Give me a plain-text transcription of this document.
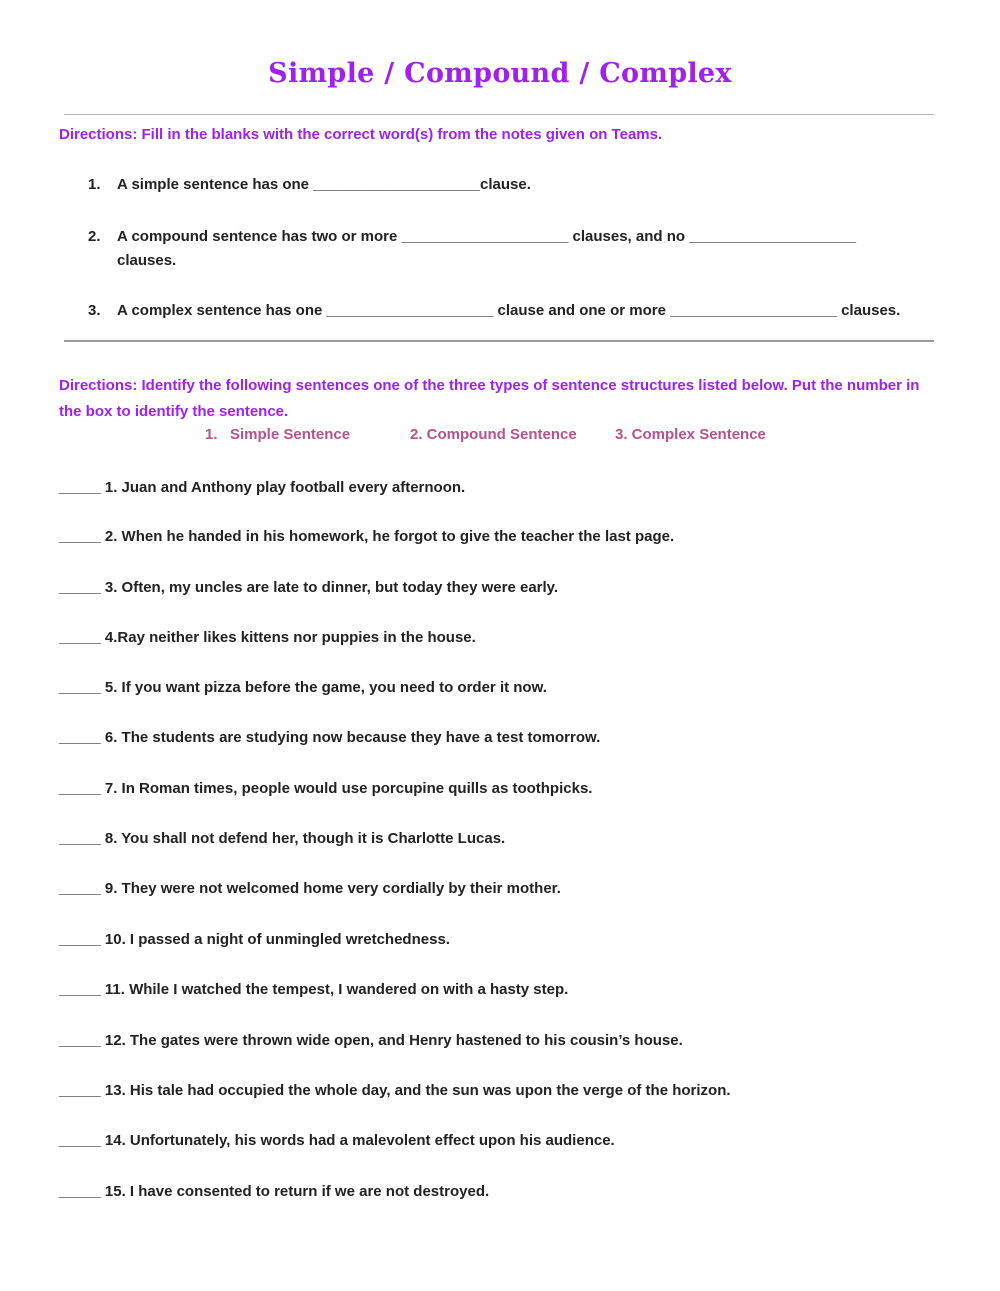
Simple / Compound / Complex
Directions: Fill in the blanks with the correct word(s) from the notes given on Teams.
1.	A simple sentence has one ____________________clause.
2.	A compound sentence has two or more ____________________ clauses, and no ____________________ clauses.
3.	A complex sentence has one ____________________ clause and one or more ____________________ clauses.
Directions: Identify the following sentences one of the three types of sentence structures listed below. Put the number in the box to identify the sentence.
1.   Simple Sentence	2. Compound Sentence	3. Complex Sentence
_____ 1. Juan and Anthony play football every afternoon.
_____ 2. When he handed in his homework, he forgot to give the teacher the last page.
_____ 3. Often, my uncles are late to dinner, but today they were early.
_____ 4.Ray neither likes kittens nor puppies in the house.
_____ 5. If you want pizza before the game, you need to order it now.
_____ 6. The students are studying now because they have a test tomorrow.
_____ 7. In Roman times, people would use porcupine quills as toothpicks.
_____ 8. You shall not defend her, though it is Charlotte Lucas.
_____ 9. They were not welcomed home very cordially by their mother.
_____ 10. I passed a night of unmingled wretchedness.
_____ 11. While I watched the tempest, I wandered on with a hasty step.
_____ 12. The gates were thrown wide open, and Henry hastened to his cousin’s house.
_____ 13. His tale had occupied the whole day, and the sun was upon the verge of the horizon.
_____ 14. Unfortunately, his words had a malevolent effect upon his audience.
_____ 15. I have consented to return if we are not destroyed.
